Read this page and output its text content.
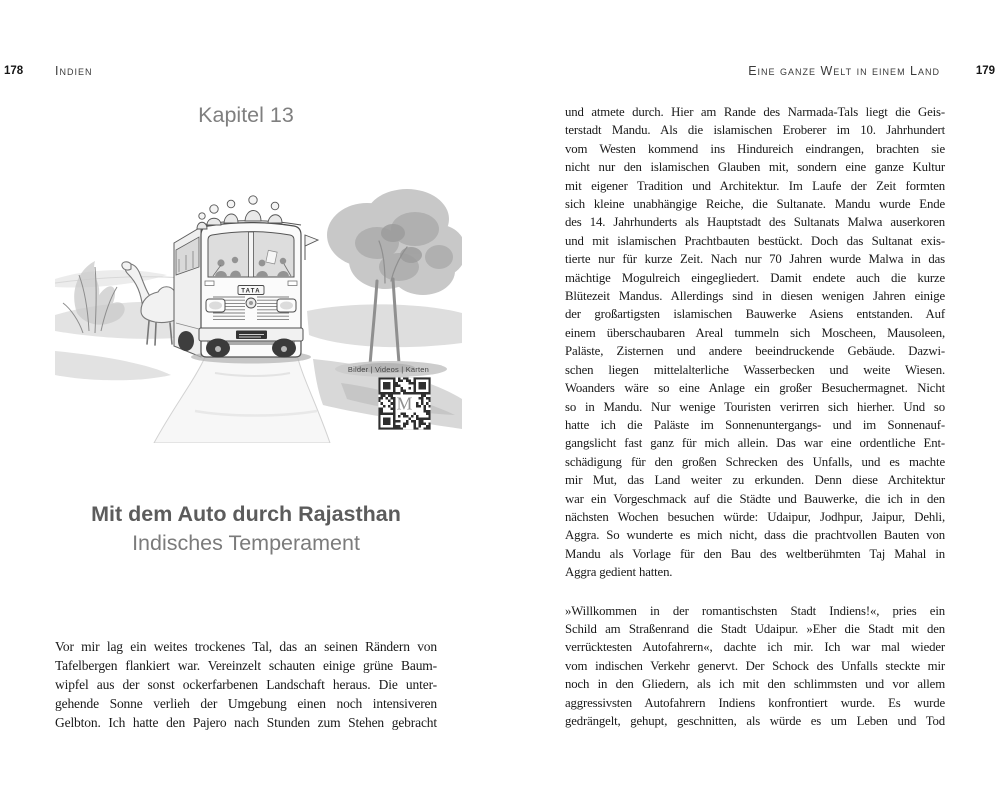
178	Indien	Eine ganze Welt in einem Land	179
Kapitel 13
TATA
Bilder | Videos | Karten
M
Mit dem Auto durch Rajasthan
Indisches Temperament
Vor mir lag ein weites trockenes Tal, das an seinen Rändern von
Tafelbergen flankiert war. Vereinzelt schauten einige grüne Baum-
wipfel aus der sonst ockerfarbenen Landschaft heraus. Die unter-
gehende Sonne verlieh der Umgebung einen noch intensiveren
Gelbton. Ich hatte den Pajero nach Stunden zum Stehen gebracht
und atmete durch. Hier am Rande des Narmada-Tals liegt die Geis-
terstadt Mandu. Als die islamischen Eroberer im 10. Jahrhundert
vom Westen kommend ins Hindureich eindrangen, brachten sie
nicht nur den islamischen Glauben mit, sondern eine ganze Kultur
mit eigener Tradition und Architektur. Im Laufe der Zeit formten
sich kleine unabhängige Reiche, die Sultanate. Mandu wurde Ende
des 14. Jahrhunderts als Hauptstadt des Sultanats Malwa auserkoren
und mit islamischen Prachtbauten bestückt. Doch das Sultanat exis-
tierte nur für kurze Zeit. Nach nur 70 Jahren wurde Malwa in das
mächtige Mogulreich eingegliedert. Damit endete auch die kurze
Blütezeit Mandus. Allerdings sind in diesen wenigen Jahren einige
der großartigsten islamischen Bauwerke Asiens entstanden. Auf
einem überschaubaren Areal tummeln sich Moscheen, Mausoleen,
Paläste, Zisternen und andere beeindruckende Gebäude. Dazwi-
schen liegen mittelalterliche Wasserbecken und weite Wiesen.
Woanders wäre so eine Anlage ein großer Besuchermagnet. Nicht
so in Mandu. Nur wenige Touristen verirren sich hierher. Und so
hatte ich die Paläste im Sonnenuntergangs- und im Sonnenauf-
gangslicht fast ganz für mich allein. Das war eine ordentliche Ent-
schädigung für den großen Schrecken des Unfalls, und es machte
mir Mut, das Land weiter zu erkunden. Denn diese Architektur
war ein Vorgeschmack auf die Städte und Bauwerke, die ich in den
nächsten Wochen besuchen würde: Udaipur, Jodhpur, Jaipur, Dehli,
Aggra. So wunderte es mich nicht, dass die prachtvollen Bauten von
Mandu als Vorlage für den Bau des weltberühmten Taj Mahal in
Aggra gedient hatten.
»Willkommen in der romantischsten Stadt Indiens!«, pries ein
Schild am Straßenrand die Stadt Udaipur. »Eher die Stadt mit den
verrücktesten Autofahrern«, dachte ich mir. Ich war mal wieder
vom indischen Verkehr genervt. Der Schock des Unfalls steckte mir
noch in den Gliedern, als ich mit den schlimmsten und vor allem
aggressivsten Autofahrern Indiens konfrontiert wurde. Es wurde
gedrängelt, gehupt, geschnitten, als würde es um Leben und Tod
